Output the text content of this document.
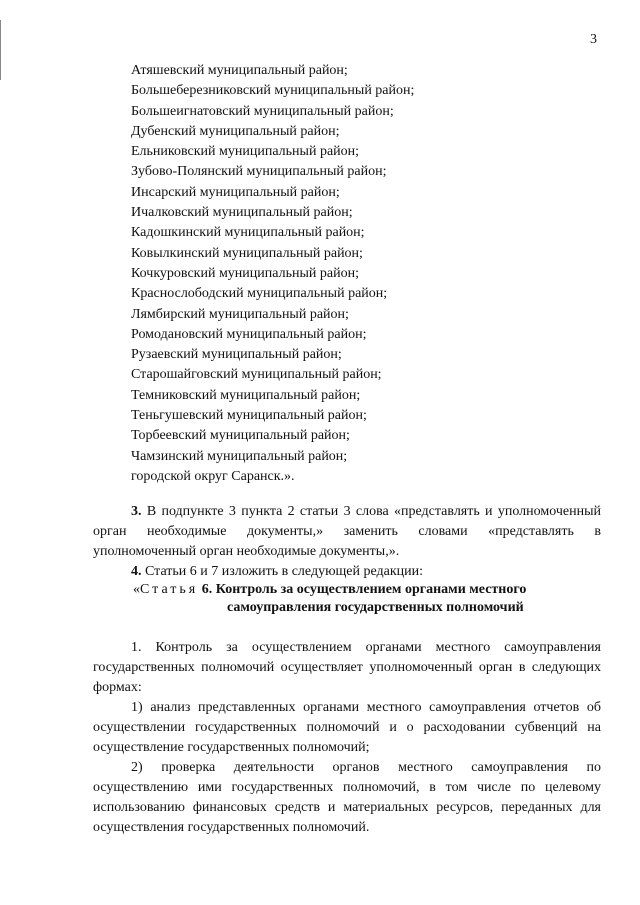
3
Атяшевский муниципальный район;
Большеберезниковский муниципальный район;
Большеигнатовский муниципальный район;
Дубенский муниципальный район;
Ельниковский муниципальный район;
Зубово-Полянский муниципальный район;
Инсарский муниципальный район;
Ичалковский муниципальный район;
Кадошкинский муниципальный район;
Ковылкинский муниципальный район;
Кочкуровский муниципальный район;
Краснослободский муниципальный район;
Лямбирский муниципальный район;
Ромодановский муниципальный район;
Рузаевский муниципальный район;
Старошайговский муниципальный район;
Темниковский муниципальный район;
Теньгушевский муниципальный район;
Торбеевский муниципальный район;
Чамзинский муниципальный район;
городской округ Саранск.».
3. В подпункте 3 пункта 2 статьи 3 слова «представлять и уполномоченный орган необходимые документы,» заменить словами «представлять в уполномоченный орган необходимые документы,».
4. Статьи 6 и 7 изложить в следующей редакции:
«Статья 6. Контроль за осуществлением органами местного
самоуправления государственных полномочий
1. Контроль за осуществлением органами местного самоуправления государственных полномочий осуществляет уполномоченный орган в следующих формах:
1) анализ представленных органами местного самоуправления отчетов об осуществлении государственных полномочий и о расходовании субвенций на осуществление государственных полномочий;
2) проверка деятельности органов местного самоуправления по осуществлению ими государственных полномочий, в том числе по целевому использованию финансовых средств и материальных ресурсов, переданных для осуществления государственных полномочий.
